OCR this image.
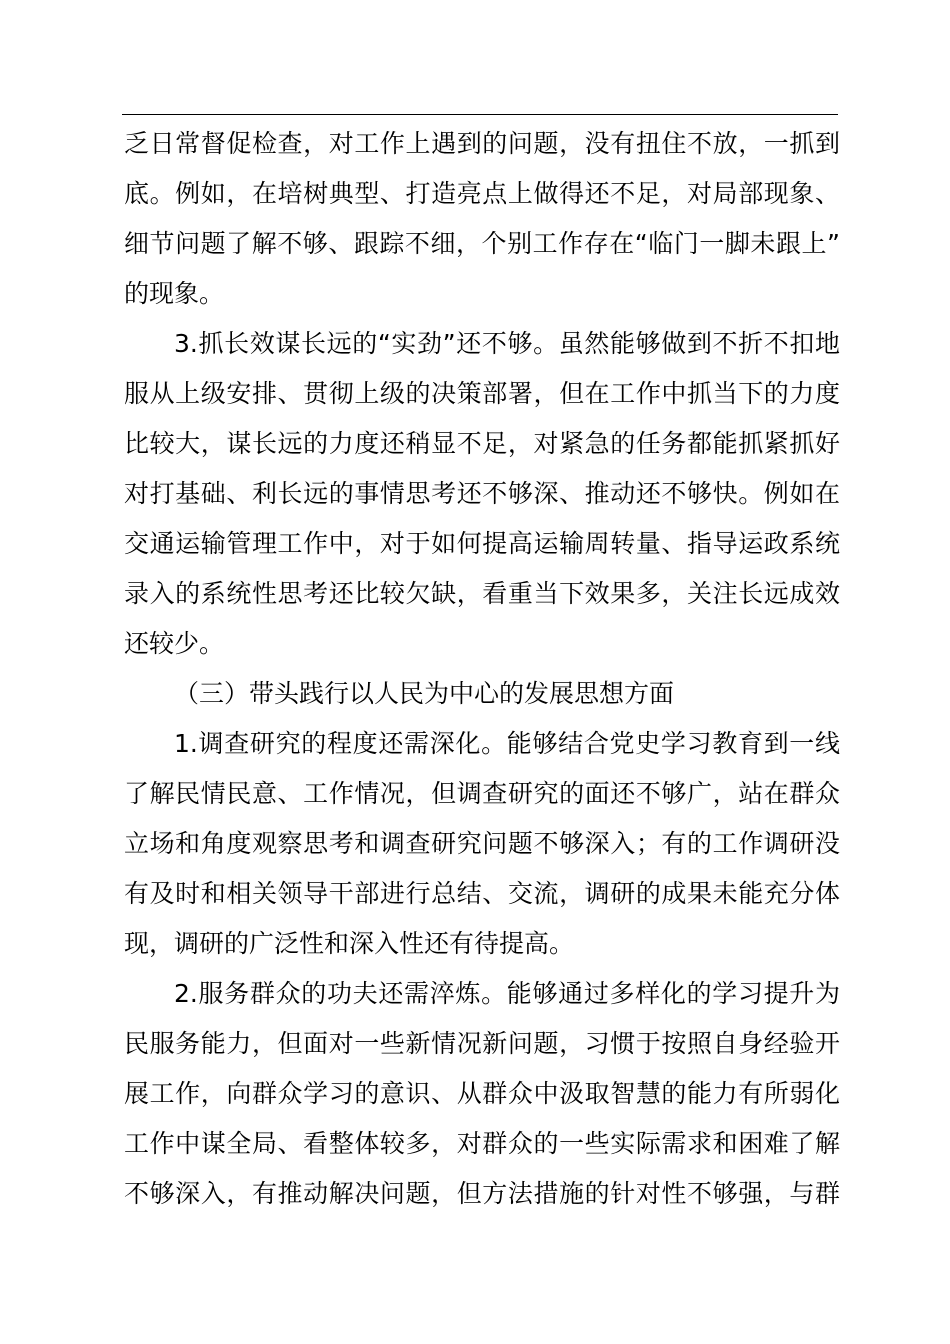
乏日常督促检查，对工作上遇到的问题，没有扭住不放，一抓到
底。例如，在培树典型、打造亮点上做得还不足，对局部现象、
细节问题了解不够、跟踪不细，个别工作存在“临门一脚未跟上”
的现象。
3.抓长效谋长远的“实劲”还不够。虽然能够做到不折不扣地
服从上级安排、贯彻上级的决策部署，但在工作中抓当下的力度
比较大，谋长远的力度还稍显不足，对紧急的任务都能抓紧抓好
对打基础、利长远的事情思考还不够深、推动还不够快。例如在
交通运输管理工作中，对于如何提高运输周转量、指导运政系统
录入的系统性思考还比较欠缺，看重当下效果多，关注长远成效
还较少。
（三）带头践行以人民为中心的发展思想方面
1.调查研究的程度还需深化。能够结合党史学习教育到一线
了解民情民意、工作情况，但调查研究的面还不够广，站在群众
立场和角度观察思考和调查研究问题不够深入；有的工作调研没
有及时和相关领导干部进行总结、交流，调研的成果未能充分体
现，调研的广泛性和深入性还有待提高。
2.服务群众的功夫还需淬炼。能够通过多样化的学习提升为
民服务能力，但面对一些新情况新问题，习惯于按照自身经验开
展工作，向群众学习的意识、从群众中汲取智慧的能力有所弱化
工作中谋全局、看整体较多，对群众的一些实际需求和困难了解
不够深入，有推动解决问题，但方法措施的针对性不够强，与群
